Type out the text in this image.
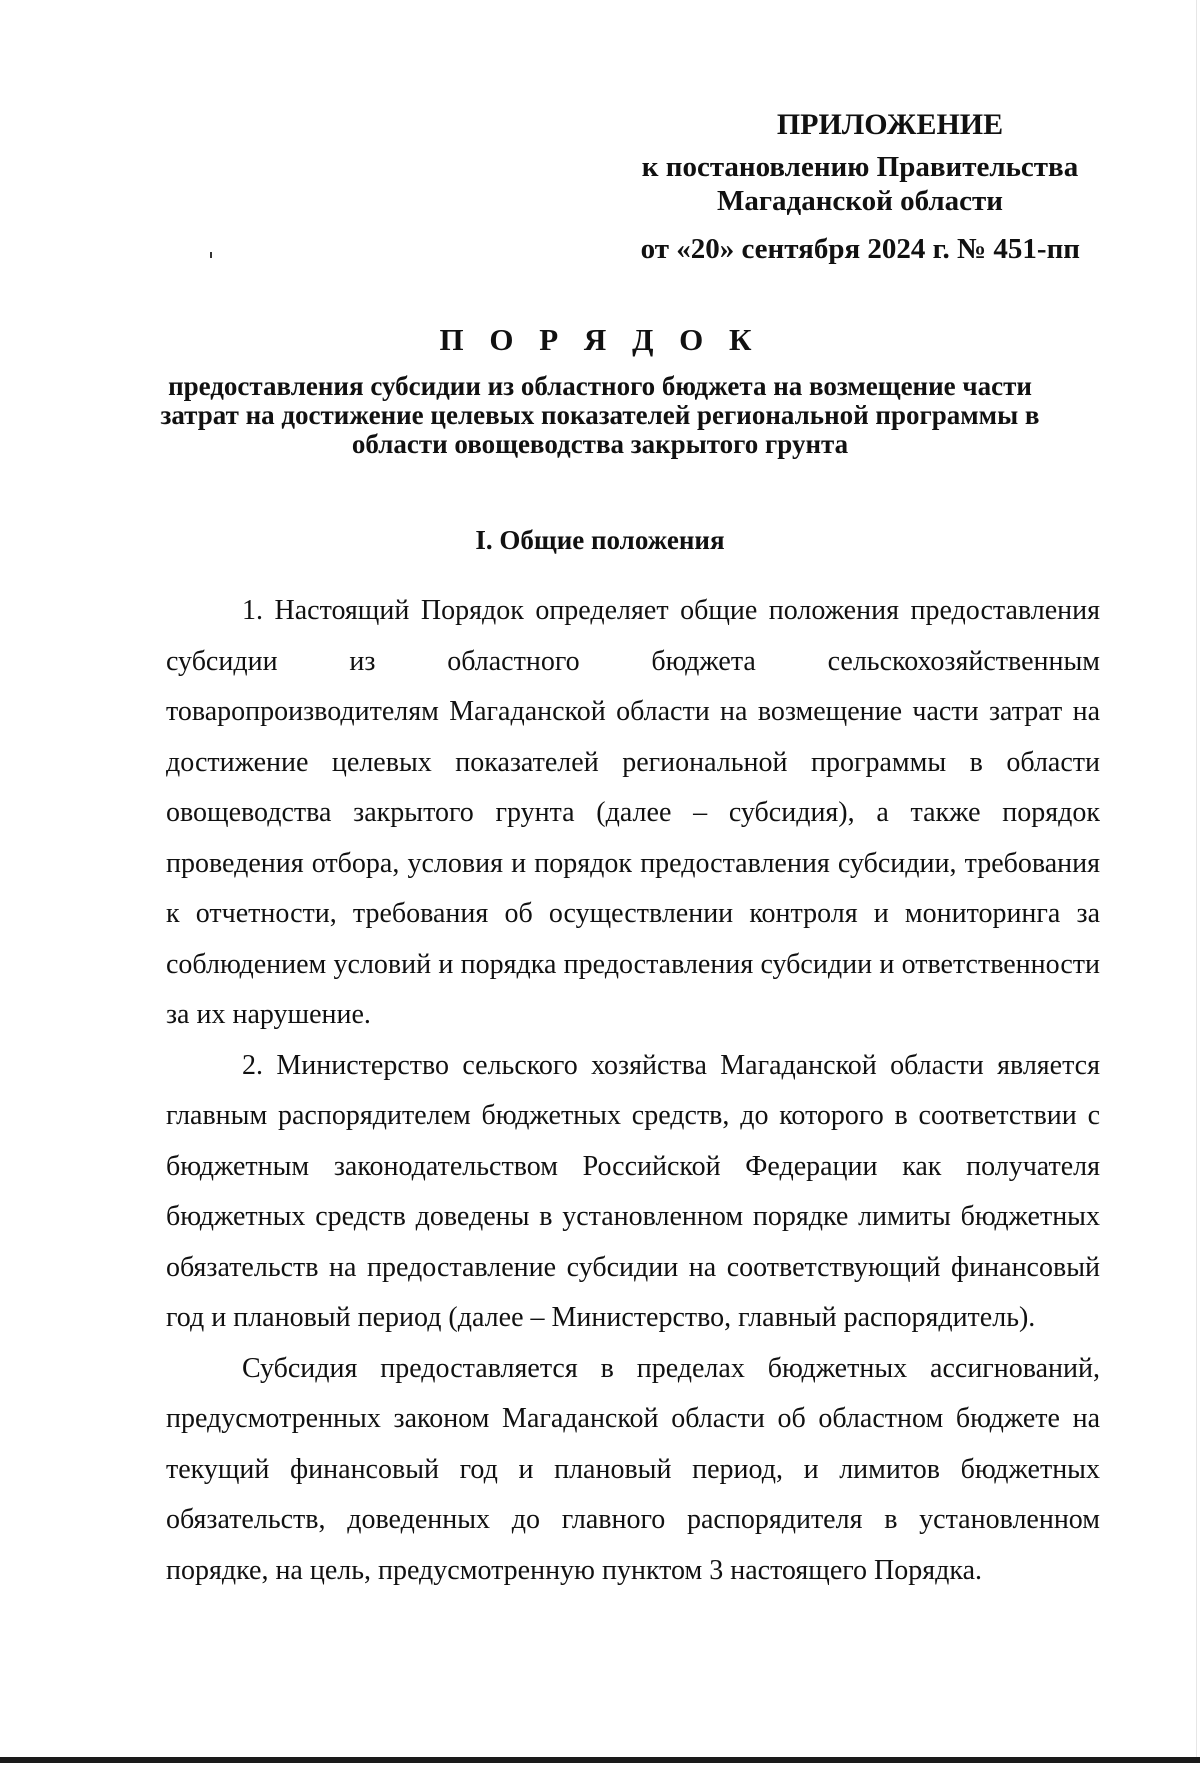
ПРИЛОЖЕНИЕ
к постановлению Правительства
Магаданской области
от «20» сентября 2024 г. № 451-пп
П О Р Я Д О К
предоставления субсидии из областного бюджета на возмещение части затрат на достижение целевых показателей региональной программы в области овощеводства закрытого грунта
I. Общие положения

1. Настоящий Порядок определяет общие положения предоставления субсидии из областного бюджета сельскохозяйственным товаропроизводителям Магаданской области на возмещение части затрат на достижение целевых показателей региональной программы в области овощеводства закрытого грунта (далее – субсидия), а также порядок проведения отбора, условия и порядок предоставления субсидии, требования к отчетности, требования об осуществлении контроля и мониторинга за соблюдением условий и порядка предоставления субсидии и ответственности за их нарушение.

2. Министерство сельского хозяйства Магаданской области является главным распорядителем бюджетных средств, до которого в соответствии с бюджетным законодательством Российской Федерации как получателя бюджетных средств доведены в установленном порядке лимиты бюджетных обязательств на предоставление субсидии на соответствующий финансовый год и плановый период (далее – Министерство, главный распорядитель).

Субсидия предоставляется в пределах бюджетных ассигнований, предусмотренных законом Магаданской области об областном бюджете на текущий финансовый год и плановый период, и лимитов бюджетных обязательств, доведенных до главного распорядителя в установленном порядке, на цель, предусмотренную пунктом 3 настоящего Порядка.
